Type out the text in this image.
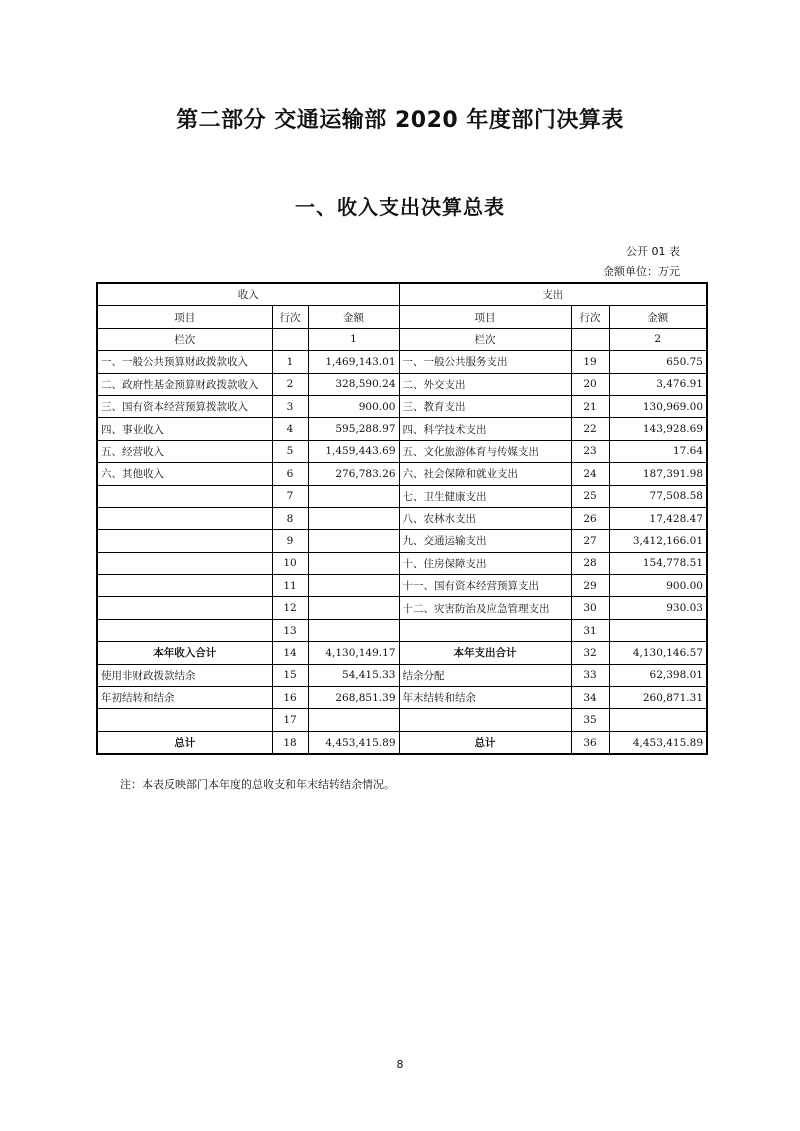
第二部分 交通运输部 2020 年度部门决算表
一、收入支出决算总表
公开 01 表
金额单位：万元
收入			支出		
项目	行次	金额	项目	行次	金额
栏次		1	栏次		2
一、一般公共预算财政拨款收入	1	1,469,143.01	一、一般公共服务支出	19	650.75
二、政府性基金预算财政拨款收入	2	328,590.24	二、外交支出	20	3,476.91
三、国有资本经营预算拨款收入	3	900.00	三、教育支出	21	130,969.00
四、事业收入	4	595,288.97	四、科学技术支出	22	143,928.69
五、经营收入	5	1,459,443.69	五、文化旅游体育与传媒支出	23	17.64
六、其他收入	6	276,783.26	六、社会保障和就业支出	24	187,391.98
	7		七、卫生健康支出	25	77,508.58
	8		八、农林水支出	26	17,428.47
	9		九、交通运输支出	27	3,412,166.01
	10		十、住房保障支出	28	154,778.51
	11		十一、国有资本经营预算支出	29	900.00
	12		十二、灾害防治及应急管理支出	30	930.03
	13			31	
本年收入合计	14	4,130,149.17	本年支出合计	32	4,130,146.57
使用非财政拨款结余	15	54,415.33	结余分配	33	62,398.01
年初结转和结余	16	268,851.39	年末结转和结余	34	260,871.31
	17			35	
总计	18	4,453,415.89	总计	36	4,453,415.89
注：本表反映部门本年度的总收支和年末结转结余情况。
8
